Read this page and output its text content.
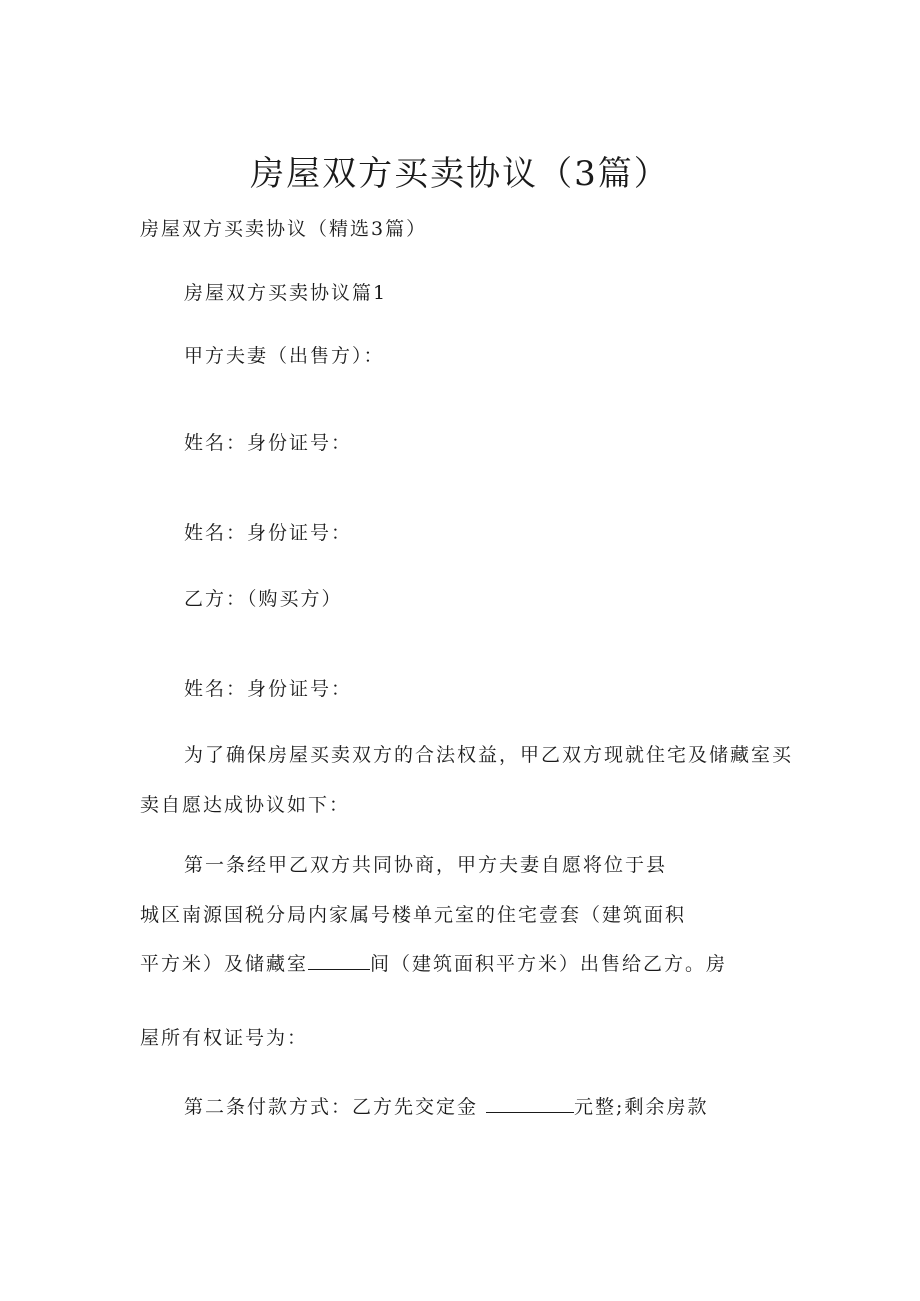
房屋双方买卖协议（3篇）
房屋双方买卖协议（精选3篇）
房屋双方买卖协议篇1
甲方夫妻（出售方）：
姓名：身份证号：
姓名：身份证号：
乙方：（购买方）
姓名：身份证号：
为了确保房屋买卖双方的合法权益，甲乙双方现就住宅及储藏室买
卖自愿达成协议如下：
第一条经甲乙双方共同协商，甲方夫妻自愿将位于县
城区南源国税分局内家属号楼单元室的住宅壹套（建筑面积
平方米）及储藏室	间（建筑面积平方米）出售给乙方。房
屋所有权证号为：
第二条付款方式：乙方先交定金	元整;剩余房款
